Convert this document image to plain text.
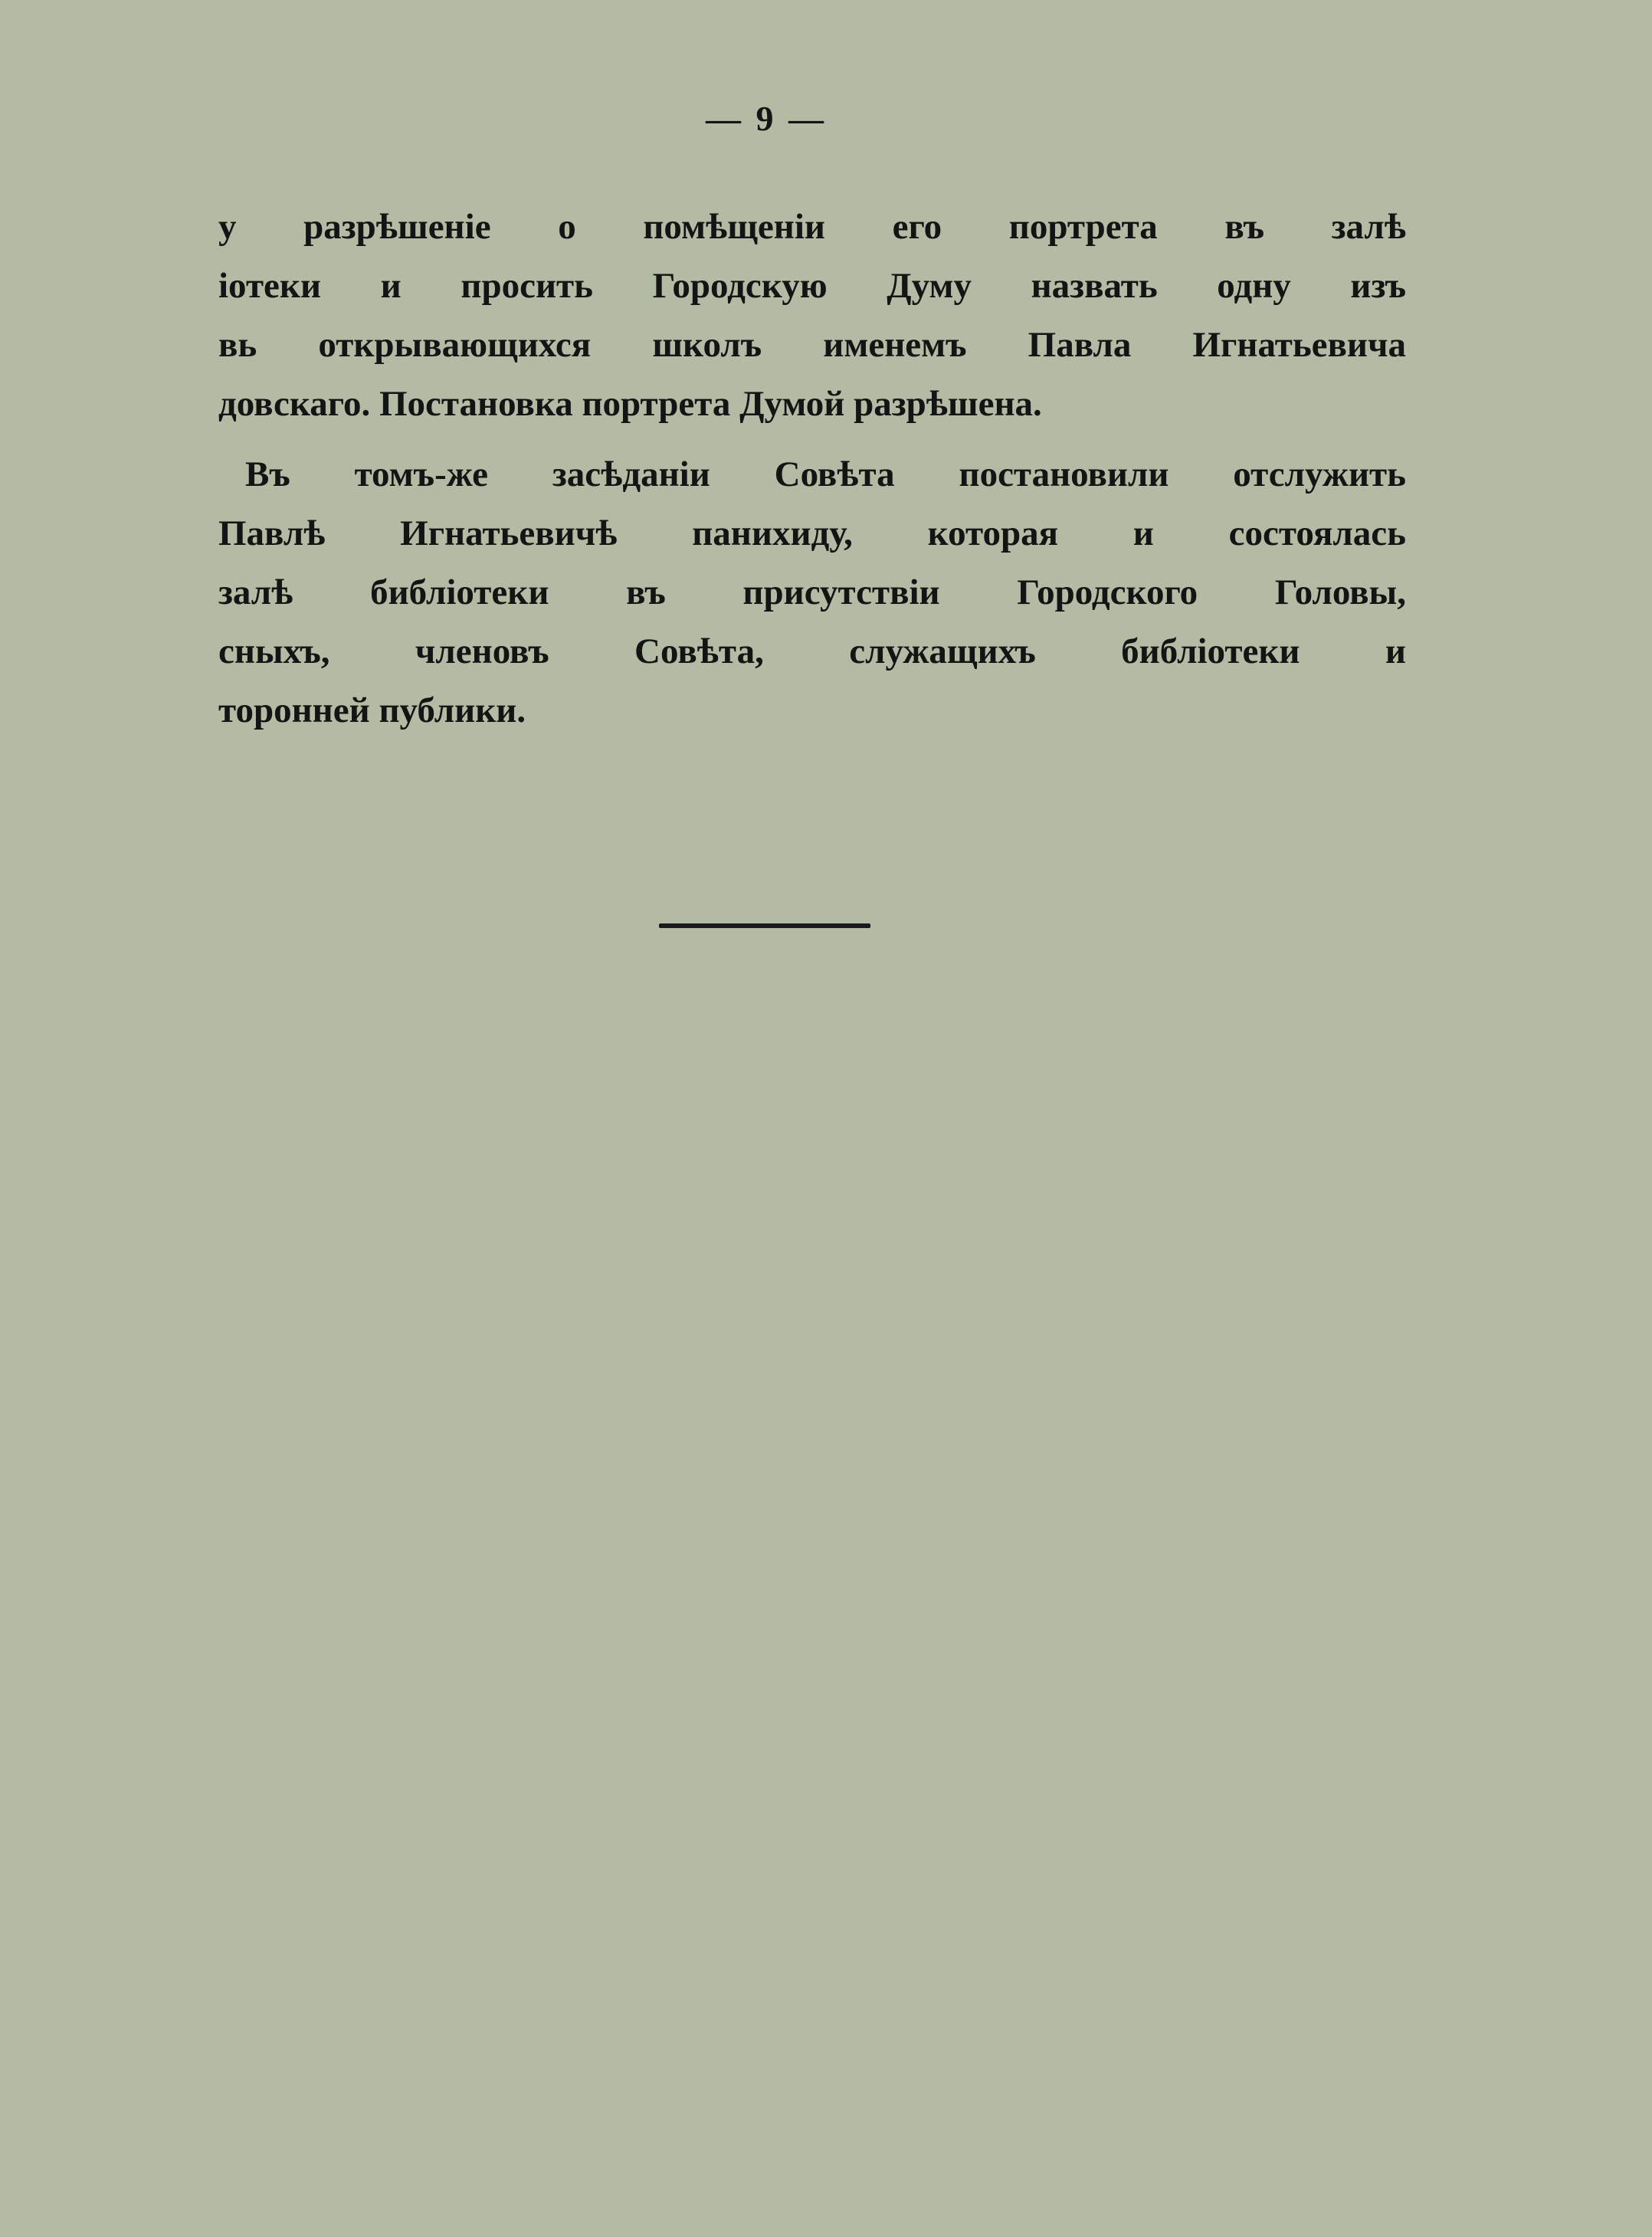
— 9 —
у разрѣшеніе о помѣщеніи его портрета въ залѣ
іотеки и просить Городскую Думу назвать одну изъ
вь открывающихся школъ именемъ Павла Игнатьевича
довскаго. Постановка портрета Думой разрѣшена.
Въ томъ-же засѣданіи Совѣта постановили отслужить
Павлѣ Игнатьевичѣ панихиду, которая и состоялась
залѣ библіотеки въ присутствіи Городского Головы,
сныхъ, членовъ Совѣта, служащихъ библіотеки и
торонней публики.
